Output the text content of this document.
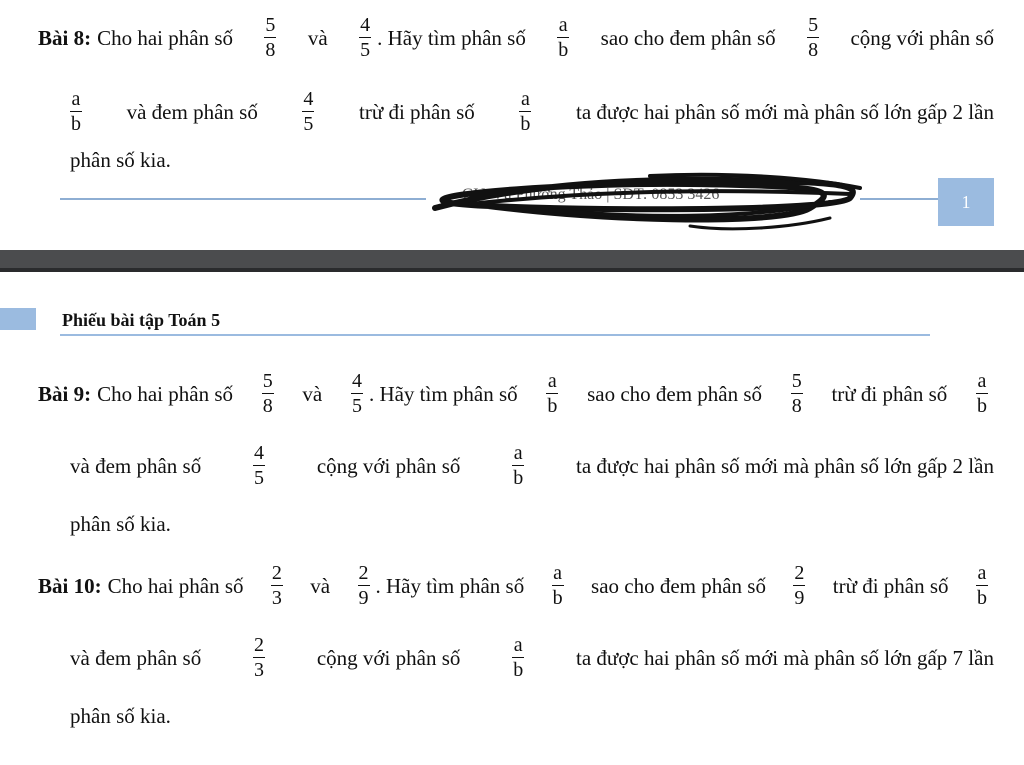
Bài 8: Cho hai phân số $\frac{5}{8}$ và $\frac{4}{5}$ . Hãy tìm phân số $\frac{a}{b}$ sao cho đem phân số $\frac{5}{8}$ cộng với phân số
$\frac{a}{b}$ và đem phân số $\frac{4}{5}$ trừ đi phân số $\frac{a}{b}$ ta được hai phân số mới mà phân số lớn gấp 2 lần
phân số kia.
GV: Vũ Phương Thảo | SĐT: 0853 3426	1
Phiếu bài tập Toán 5
Bài 9: Cho hai phân số $\frac{5}{8}$ và $\frac{4}{5}$ . Hãy tìm phân số $\frac{a}{b}$ sao cho đem phân số $\frac{5}{8}$ trừ đi phân số $\frac{a}{b}$
và đem phân số	$\frac{4}{5}$ cộng với phân số	$\frac{a}{b}$ ta được hai phân số mới mà phân số lớn gấp 2 lần
phân số kia.
Bài 10: Cho hai phân số $\frac{2}{3}$ và $\frac{2}{9}$ . Hãy tìm phân số $\frac{a}{b}$ sao cho đem phân số $\frac{2}{9}$ trừ đi phân số $\frac{a}{b}$
và đem phân số	$\frac{2}{3}$ cộng với phân số	$\frac{a}{b}$ ta được hai phân số mới mà phân số lớn gấp 7 lần
phân số kia.
